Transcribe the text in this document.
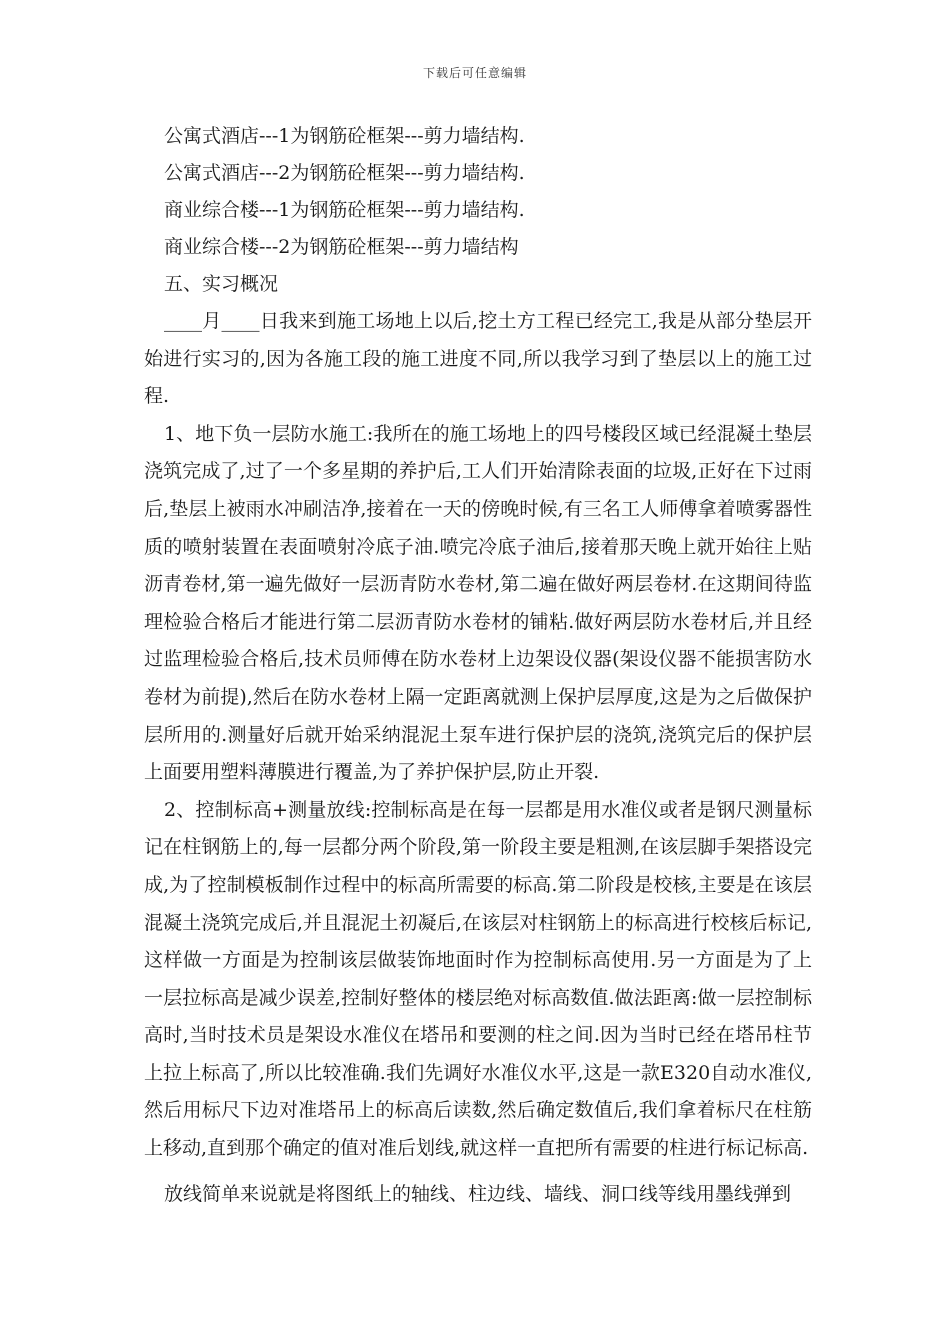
下载后可任意编辑
公寓式酒店---1为钢筋砼框架---剪力墙结构.
公寓式酒店---2为钢筋砼框架---剪力墙结构.
商业综合楼---1为钢筋砼框架---剪力墙结构.
商业综合楼---2为钢筋砼框架---剪力墙结构
五、实习概况

____月____日我来到施工场地上以后,挖土方工程已经完工,我是从部分垫层开始进行实习的,因为各施工段的施工进度不同,所以我学习到了垫层以上的施工过程.

1、地下负一层防水施工:我所在的施工场地上的四号楼段区域已经混凝土垫层浇筑完成了,过了一个多星期的养护后,工人们开始清除表面的垃圾,正好在下过雨后,垫层上被雨水冲刷洁净,接着在一天的傍晚时候,有三名工人师傅拿着喷雾器性质的喷射装置在表面喷射冷底子油.喷完冷底子油后,接着那天晚上就开始往上贴沥青卷材,第一遍先做好一层沥青防水卷材,第二遍在做好两层卷材.在这期间待监理检验合格后才能进行第二层沥青防水卷材的铺粘.做好两层防水卷材后,并且经过监理检验合格后,技术员师傅在防水卷材上边架设仪器(架设仪器不能损害防水卷材为前提),然后在防水卷材上隔一定距离就测上保护层厚度,这是为之后做保护层所用的.测量好后就开始采纳混泥土泵车进行保护层的浇筑,浇筑完后的保护层上面要用塑料薄膜进行覆盖,为了养护保护层,防止开裂.

2、控制标高+测量放线:控制标高是在每一层都是用水准仪或者是钢尺测量标记在柱钢筋上的,每一层都分两个阶段,第一阶段主要是粗测,在该层脚手架搭设完成,为了控制模板制作过程中的标高所需要的标高.第二阶段是校核,主要是在该层混凝土浇筑完成后,并且混泥土初凝后,在该层对柱钢筋上的标高进行校核后标记,这样做一方面是为控制该层做装饰地面时作为控制标高使用.另一方面是为了上一层拉标高是减少误差,控制好整体的楼层绝对标高数值.做法距离:做一层控制标高时,当时技术员是架设水准仪在塔吊和要测的柱之间.因为当时已经在塔吊柱节上拉上标高了,所以比较准确.我们先调好水准仪水平,这是一款E320自动水准仪,然后用标尺下边对准塔吊上的标高后读数,然后确定数值后,我们拿着标尺在柱筋上移动,直到那个确定的值对准后划线,就这样一直把所有需要的柱进行标记标高.

放线简单来说就是将图纸上的轴线、柱边线、墙线、洞口线等线用墨线弹到
